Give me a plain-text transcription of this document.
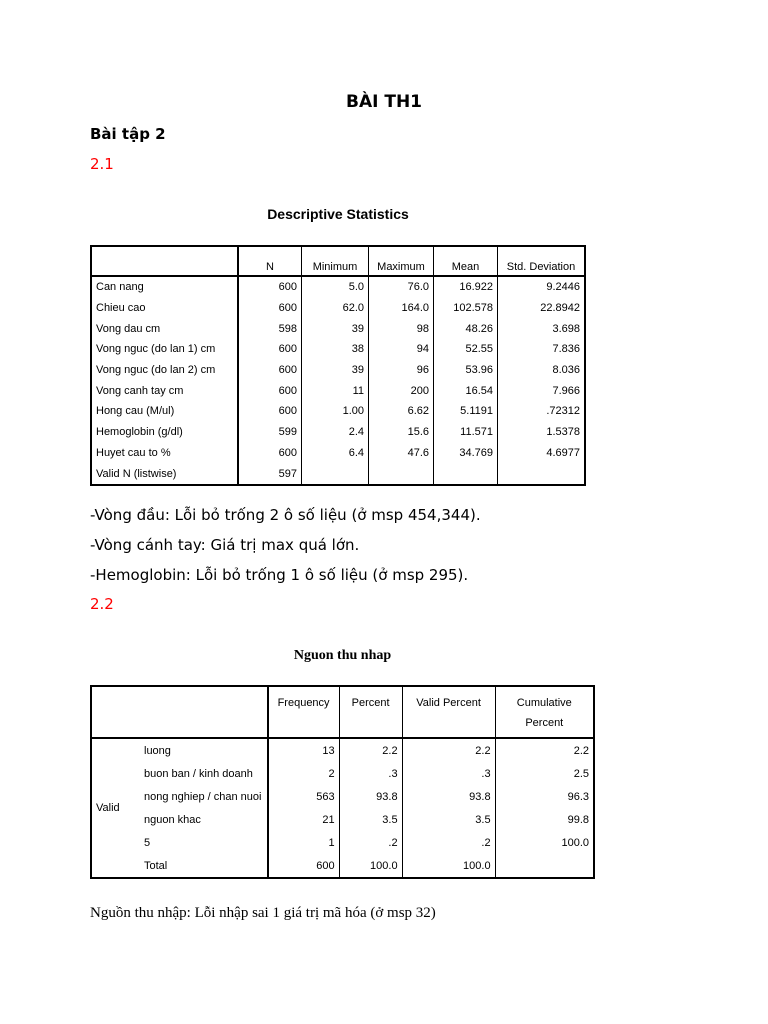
BÀI TH1
Bài tập 2
2.1
Descriptive Statistics
	N	Minimum	Maximum	Mean	Std. Deviation
Can nang	600	5.0	76.0	16.922	9.2446
Chieu cao	600	62.0	164.0	102.578	22.8942
Vong dau cm	598	39	98	48.26	3.698
Vong nguc (do lan 1) cm	600	38	94	52.55	7.836
Vong nguc (do lan 2) cm	600	39	96	53.96	8.036
Vong canh tay cm	600	11	200	16.54	7.966
Hong cau (M/ul)	600	1.00	6.62	5.1191	.72312
Hemoglobin (g/dl)	599	2.4	15.6	11.571	1.5378
Huyet cau to %	600	6.4	47.6	34.769	4.6977
Valid N (listwise)	597				
-Vòng đầu: Lỗi bỏ trống 2 ô số liệu (ở msp 454,344).
-Vòng cánh tay: Giá trị max quá lớn.
-Hemoglobin: Lỗi bỏ trống 1 ô số liệu (ở msp 295).
2.2
Nguon thu nhap
		Frequency	Percent	Valid Percent	Cumulative Percent
Valid	luong	13	2.2	2.2	2.2
	buon ban / kinh doanh	2	.3	.3	2.5
	nong nghiep / chan nuoi	563	93.8	93.8	96.3
	nguon khac	21	3.5	3.5	99.8
	5	1	.2	.2	100.0
	Total	600	100.0	100.0	
Nguồn thu nhập: Lỗi nhập sai 1 giá trị mã hóa (ở msp 32)
